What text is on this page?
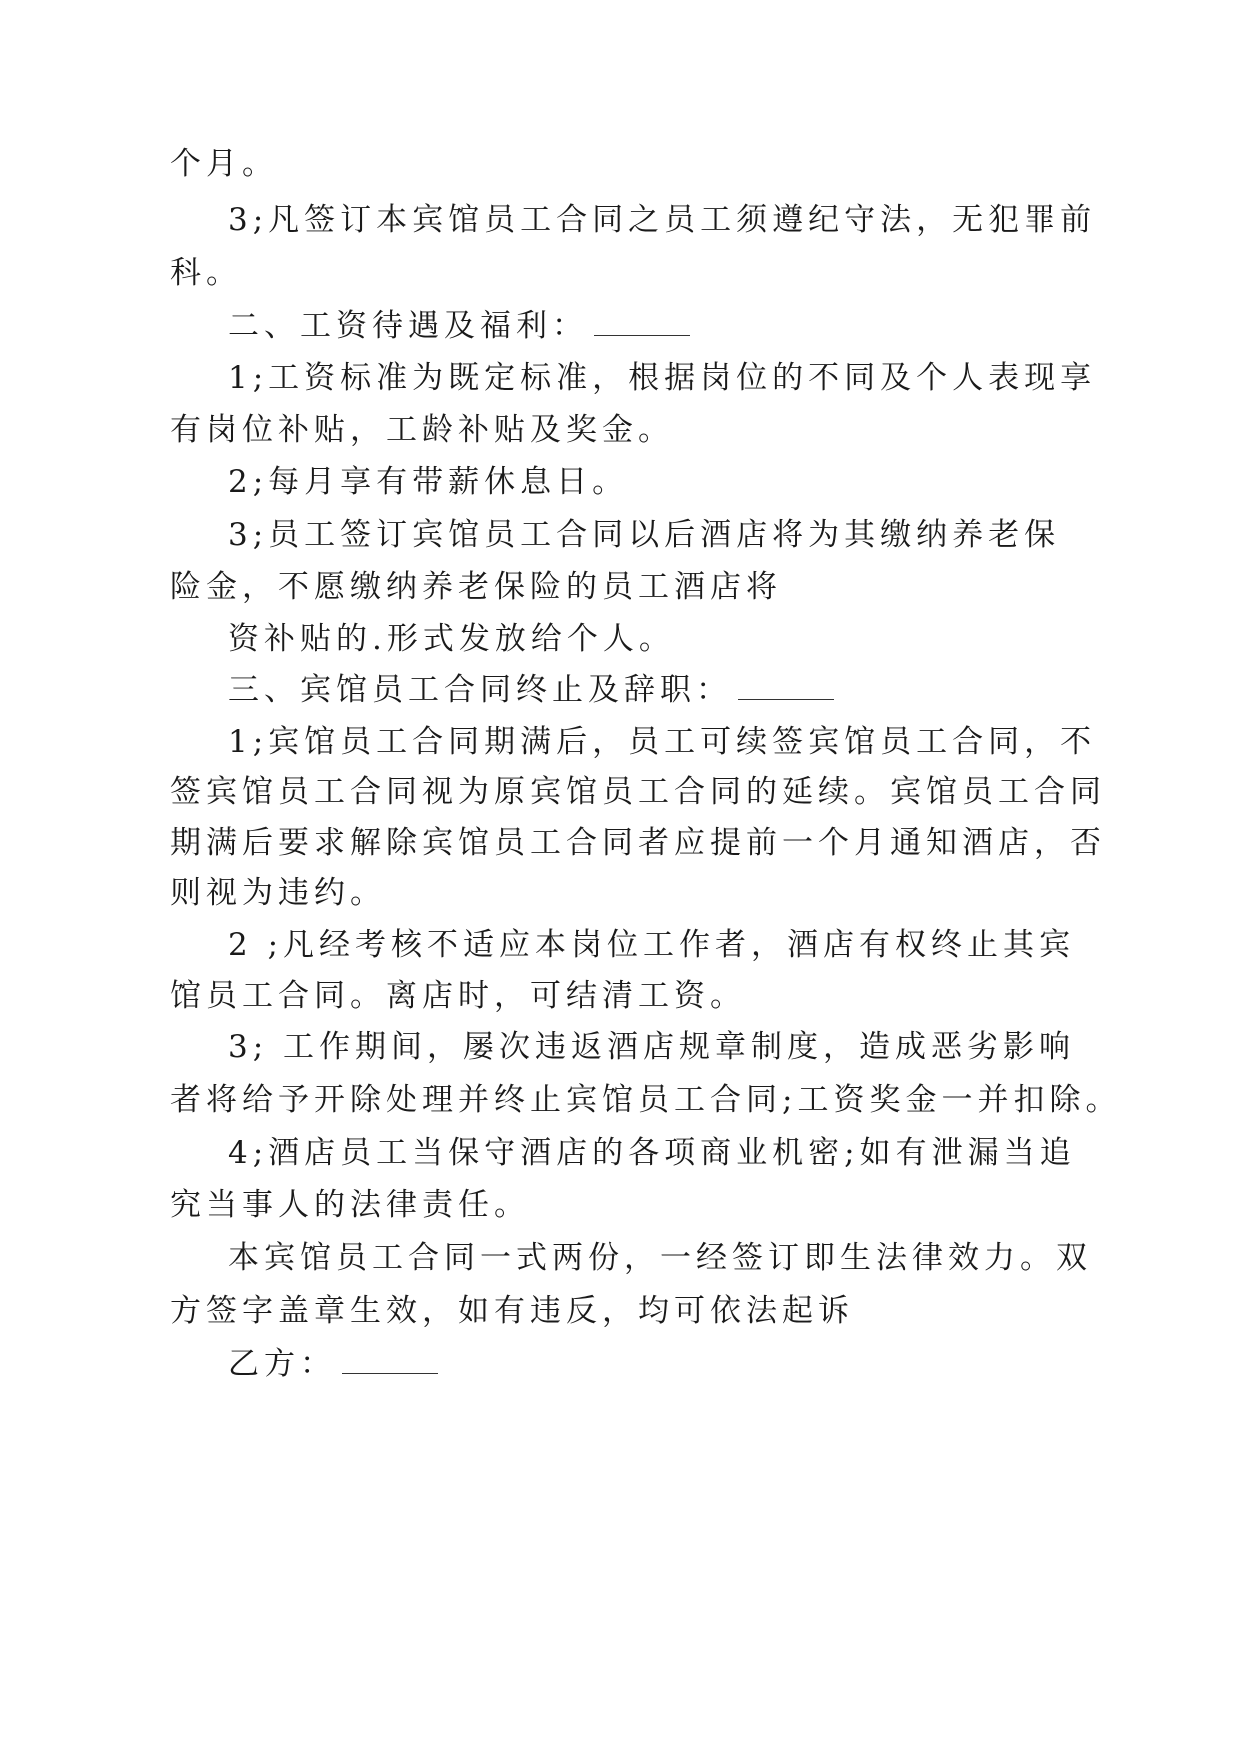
个月。
3;凡签订本宾馆员工合同之员工须遵纪守法，无犯罪前
科。
二、工资待遇及福利：
1;工资标准为既定标准，根据岗位的不同及个人表现享
有岗位补贴，工龄补贴及奖金。
2;每月享有带薪休息日。
3;员工签订宾馆员工合同以后酒店将为其缴纳养老保
险金，不愿缴纳养老保险的员工酒店将
资补贴的.形式发放给个人。
三、宾馆员工合同终止及辞职：
1;宾馆员工合同期满后，员工可续签宾馆员工合同，不
签宾馆员工合同视为原宾馆员工合同的延续。宾馆员工合同
期满后要求解除宾馆员工合同者应提前一个月通知酒店，否
则视为违约。
2 ;凡经考核不适应本岗位工作者，酒店有权终止其宾
馆员工合同。离店时，可结清工资。
3; 工作期间，屡次违返酒店规章制度，造成恶劣影响
者将给予开除处理并终止宾馆员工合同;工资奖金一并扣除。
4;酒店员工当保守酒店的各项商业机密;如有泄漏当追
究当事人的法律责任。
本宾馆员工合同一式两份，一经签订即生法律效力。双
方签字盖章生效，如有违反，均可依法起诉
乙方：
